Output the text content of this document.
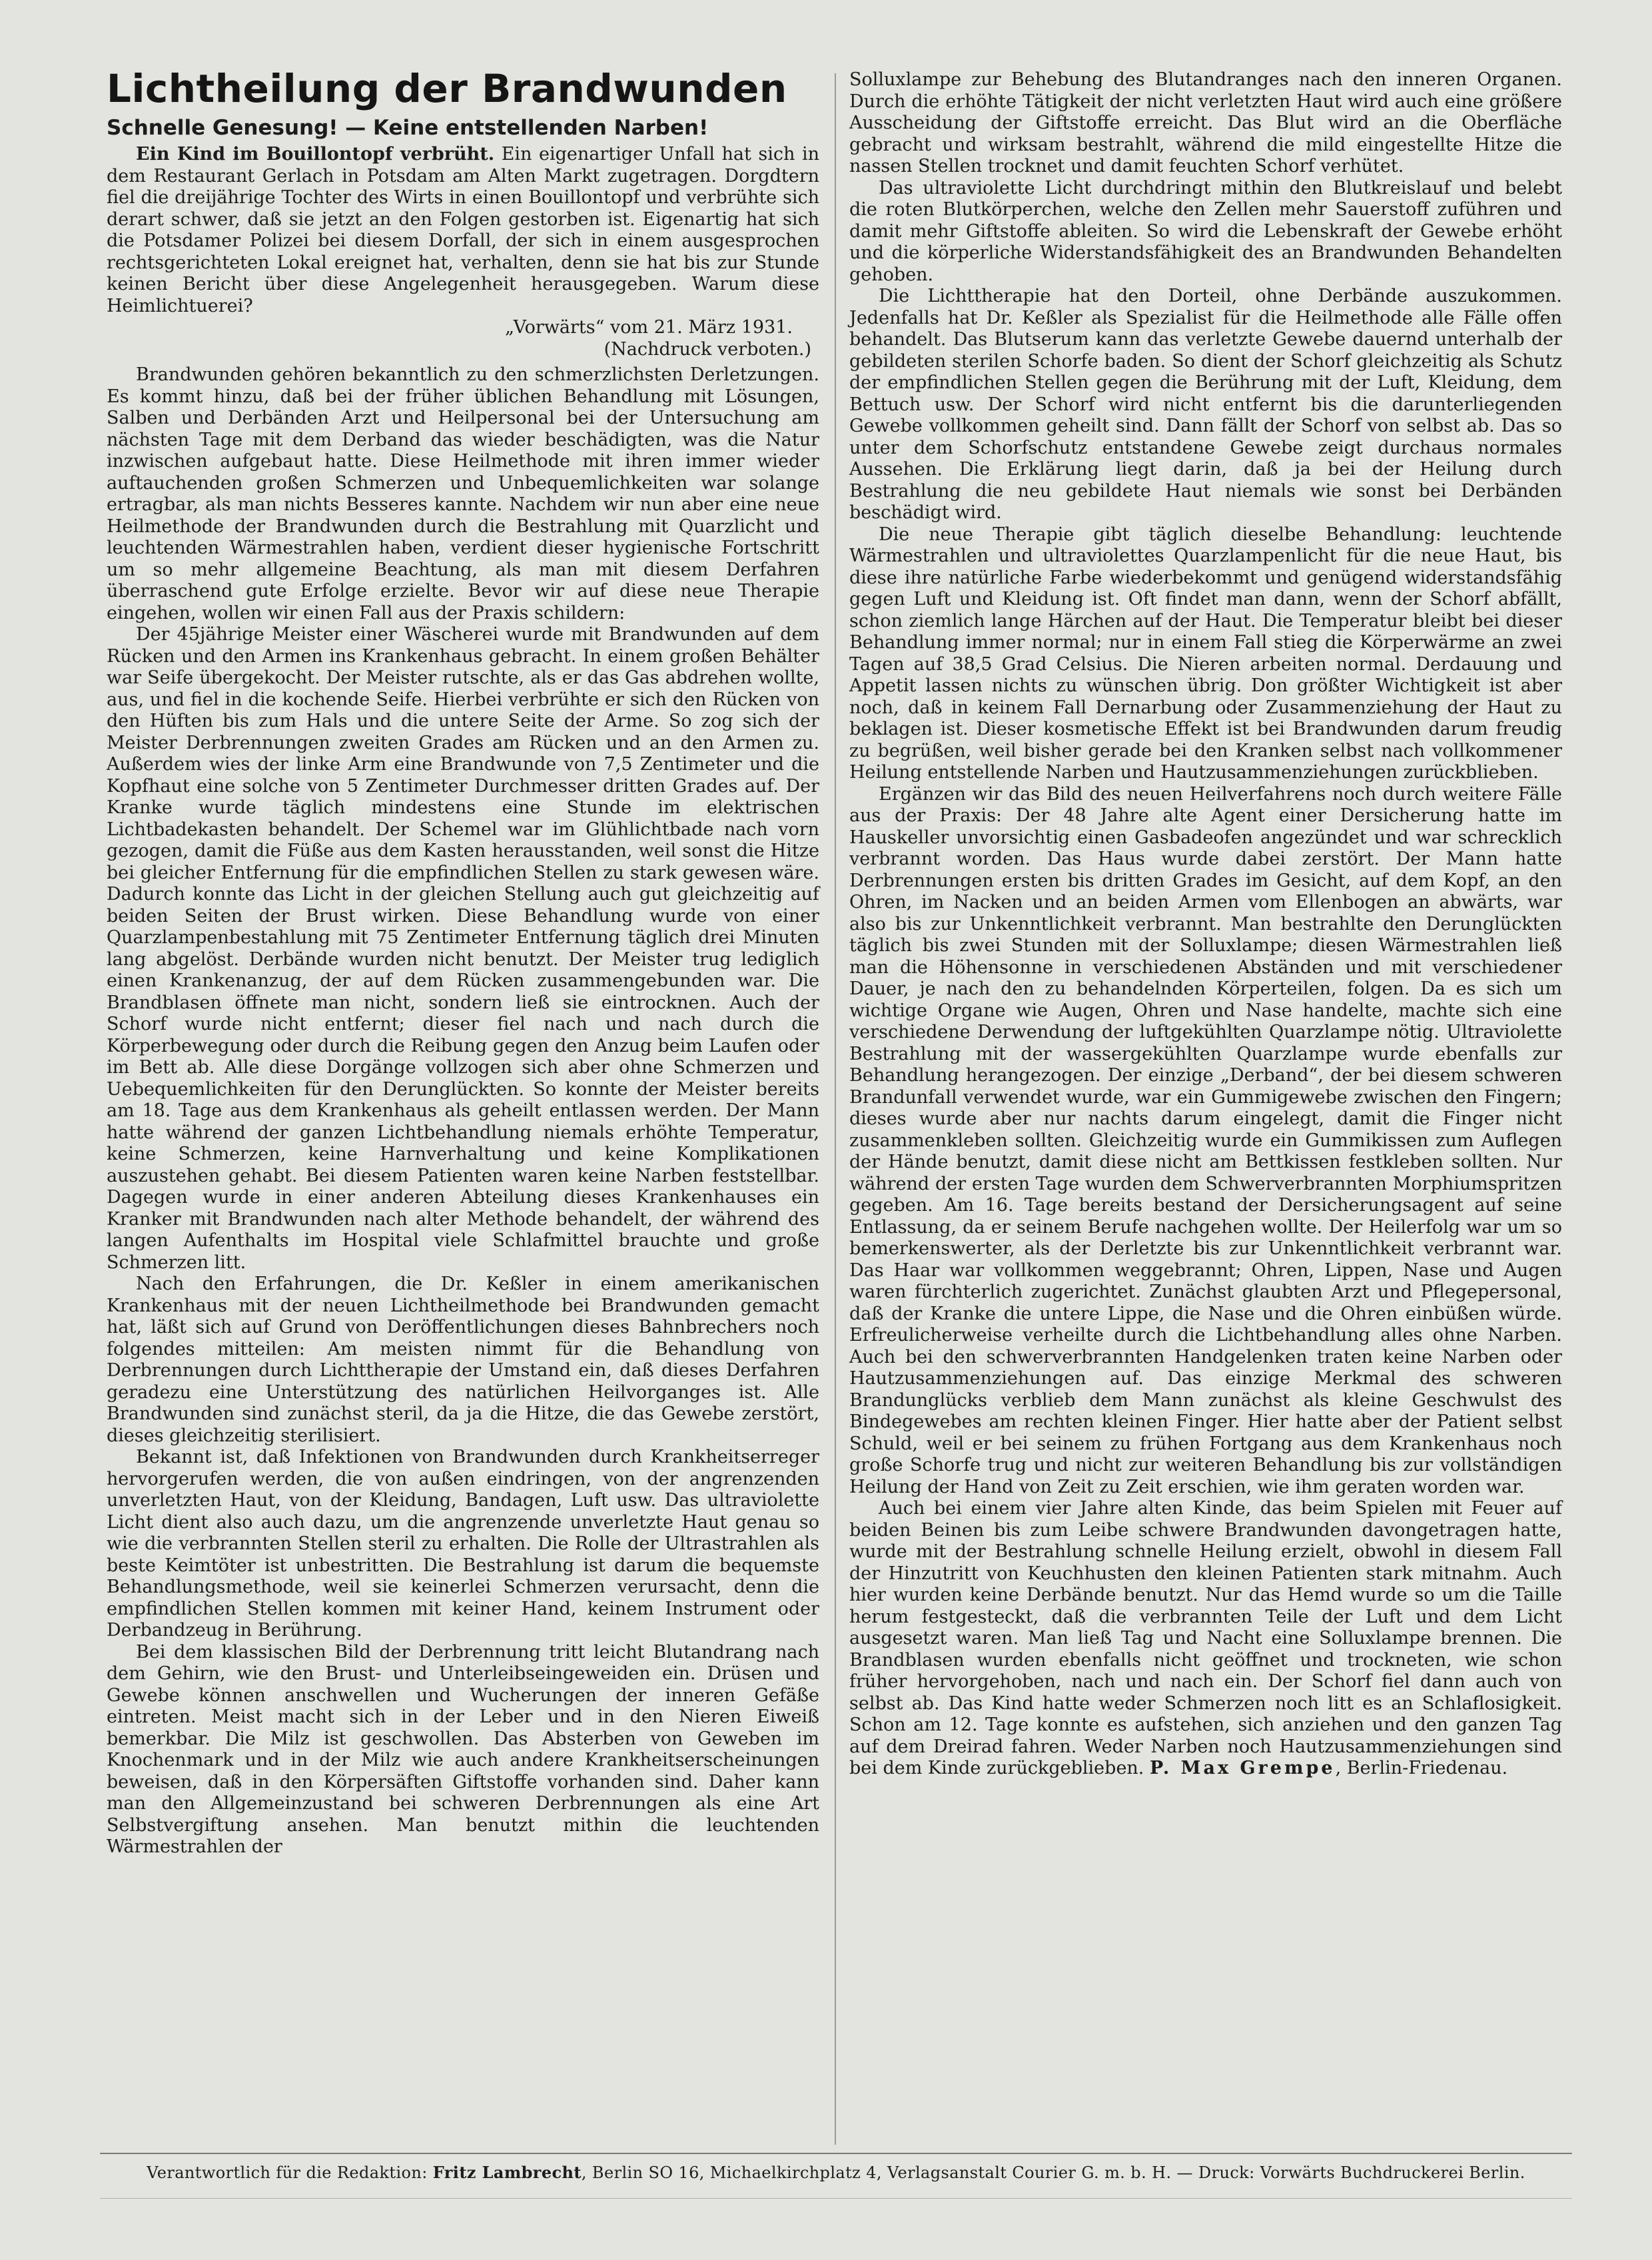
Lichtheilung der Brandwunden
Schnelle Genesung! — Keine entstellenden Narben!

Ein Kind im Bouillontopf verbrüht. Ein eigenartiger Unfall hat sich in dem Restaurant Gerlach in Potsdam am Alten Markt zugetragen. Dorgdtern fiel die dreijährige Tochter des Wirts in einen Bouillontopf und verbrühte sich derart schwer, daß sie jetzt an den Folgen gestorben ist. Eigenartig hat sich die Potsdamer Polizei bei diesem Dorfall, der sich in einem ausgesprochen rechtsgerichteten Lokal ereignet hat, verhalten, denn sie hat bis zur Stunde keinen Bericht über diese Angelegenheit herausgegeben. Warum diese Heimlichtuerei?

„Vorwärts“ vom 21. März 1931.

(Nachdruck verboten.)

Brandwunden gehören bekanntlich zu den schmerzlichsten Derletzungen. Es kommt hinzu, daß bei der früher üblichen Behandlung mit Lösungen, Salben und Derbänden Arzt und Heilpersonal bei der Untersuchung am nächsten Tage mit dem Derband das wieder beschädigten, was die Natur inzwischen aufgebaut hatte. Diese Heilmethode mit ihren immer wieder auftauchenden großen Schmerzen und Unbequemlichkeiten war solange ertragbar, als man nichts Besseres kannte. Nachdem wir nun aber eine neue Heilmethode der Brandwunden durch die Bestrahlung mit Quarzlicht und leuchtenden Wärmestrahlen haben, verdient dieser hygienische Fortschritt um so mehr allgemeine Beachtung, als man mit diesem Derfahren überraschend gute Erfolge erzielte. Bevor wir auf diese neue Therapie eingehen, wollen wir einen Fall aus der Praxis schildern:

Der 45jährige Meister einer Wäscherei wurde mit Brandwunden auf dem Rücken und den Armen ins Krankenhaus gebracht. In einem großen Behälter war Seife übergekocht. Der Meister rutschte, als er das Gas abdrehen wollte, aus, und fiel in die kochende Seife. Hierbei verbrühte er sich den Rücken von den Hüften bis zum Hals und die untere Seite der Arme. So zog sich der Meister Derbrennungen zweiten Grades am Rücken und an den Armen zu. Außerdem wies der linke Arm eine Brandwunde von 7,5 Zentimeter und die Kopfhaut eine solche von 5 Zentimeter Durchmesser dritten Grades auf. Der Kranke wurde täglich mindestens eine Stunde im elektrischen Lichtbadekasten behandelt. Der Schemel war im Glühlichtbade nach vorn gezogen, damit die Füße aus dem Kasten herausstanden, weil sonst die Hitze bei gleicher Entfernung für die empfindlichen Stellen zu stark gewesen wäre. Dadurch konnte das Licht in der gleichen Stellung auch gut gleichzeitig auf beiden Seiten der Brust wirken. Diese Behandlung wurde von einer Quarzlampenbestahlung mit 75 Zentimeter Entfernung täglich drei Minuten lang abgelöst. Derbände wurden nicht benutzt. Der Meister trug lediglich einen Krankenanzug, der auf dem Rücken zusammengebunden war. Die Brandblasen öffnete man nicht, sondern ließ sie eintrocknen. Auch der Schorf wurde nicht entfernt; dieser fiel nach und nach durch die Körperbewegung oder durch die Reibung gegen den Anzug beim Laufen oder im Bett ab. Alle diese Dorgänge vollzogen sich aber ohne Schmerzen und Uebequemlichkeiten für den Derunglückten. So konnte der Meister bereits am 18. Tage aus dem Krankenhaus als geheilt entlassen werden. Der Mann hatte während der ganzen Lichtbehandlung niemals erhöhte Temperatur, keine Schmerzen, keine Harnverhaltung und keine Komplikationen auszustehen gehabt. Bei diesem Patienten waren keine Narben feststellbar. Dagegen wurde in einer anderen Abteilung dieses Krankenhauses ein Kranker mit Brandwunden nach alter Methode behandelt, der während des langen Aufenthalts im Hospital viele Schlafmittel brauchte und große Schmerzen litt.

Nach den Erfahrungen, die Dr. Keßler in einem amerikanischen Krankenhaus mit der neuen Lichtheilmethode bei Brandwunden gemacht hat, läßt sich auf Grund von Deröffentlichungen dieses Bahnbrechers noch folgendes mitteilen: Am meisten nimmt für die Behandlung von Derbrennungen durch Lichttherapie der Umstand ein, daß dieses Derfahren geradezu eine Unterstützung des natürlichen Heilvorganges ist. Alle Brandwunden sind zunächst steril, da ja die Hitze, die das Gewebe zerstört, dieses gleichzeitig sterilisiert.

Bekannt ist, daß Infektionen von Brandwunden durch Krankheitserreger hervorgerufen werden, die von außen eindringen, von der angrenzenden unverletzten Haut, von der Kleidung, Bandagen, Luft usw. Das ultraviolette Licht dient also auch dazu, um die angrenzende unverletzte Haut genau so wie die verbrannten Stellen steril zu erhalten. Die Rolle der Ultrastrahlen als beste Keimtöter ist unbestritten. Die Bestrahlung ist darum die bequemste Behandlungsmethode, weil sie keinerlei Schmerzen verursacht, denn die empfindlichen Stellen kommen mit keiner Hand, keinem Instrument oder Derbandzeug in Berührung.

Bei dem klassischen Bild der Derbrennung tritt leicht Blutandrang nach dem Gehirn, wie den Brust- und Unterleibseingeweiden ein. Drüsen und Gewebe können anschwellen und Wucherungen der inneren Gefäße eintreten. Meist macht sich in der Leber und in den Nieren Eiweiß bemerkbar. Die Milz ist geschwollen. Das Absterben von Geweben im Knochenmark und in der Milz wie auch andere Krankheitserscheinungen beweisen, daß in den Körpersäften Giftstoffe vorhanden sind. Daher kann man den Allgemeinzustand bei schweren Derbrennungen als eine Art Selbstvergiftung ansehen. Man benutzt mithin die leuchtenden Wärmestrahlen der

Solluxlampe zur Behebung des Blutandranges nach den inneren Organen. Durch die erhöhte Tätigkeit der nicht verletzten Haut wird auch eine größere Ausscheidung der Giftstoffe erreicht. Das Blut wird an die Oberfläche gebracht und wirksam bestrahlt, während die mild eingestellte Hitze die nassen Stellen trocknet und damit feuchten Schorf verhütet.

Das ultraviolette Licht durchdringt mithin den Blutkreislauf und belebt die roten Blutkörperchen, welche den Zellen mehr Sauerstoff zuführen und damit mehr Giftstoffe ableiten. So wird die Lebenskraft der Gewebe erhöht und die körperliche Widerstandsfähigkeit des an Brandwunden Behandelten gehoben.

Die Lichttherapie hat den Dorteil, ohne Derbände auszukommen. Jedenfalls hat Dr. Keßler als Spezialist für die Heilmethode alle Fälle offen behandelt. Das Blutserum kann das verletzte Gewebe dauernd unterhalb der gebildeten sterilen Schorfe baden. So dient der Schorf gleichzeitig als Schutz der empfindlichen Stellen gegen die Berührung mit der Luft, Kleidung, dem Bettuch usw. Der Schorf wird nicht entfernt bis die darunterliegenden Gewebe vollkommen geheilt sind. Dann fällt der Schorf von selbst ab. Das so unter dem Schorfschutz entstandene Gewebe zeigt durchaus normales Aussehen. Die Erklärung liegt darin, daß ja bei der Heilung durch Bestrahlung die neu gebildete Haut niemals wie sonst bei Derbänden beschädigt wird.

Die neue Therapie gibt täglich dieselbe Behandlung: leuchtende Wärmestrahlen und ultraviolettes Quarzlampenlicht für die neue Haut, bis diese ihre natürliche Farbe wiederbekommt und genügend widerstandsfähig gegen Luft und Kleidung ist. Oft findet man dann, wenn der Schorf abfällt, schon ziemlich lange Härchen auf der Haut. Die Temperatur bleibt bei dieser Behandlung immer normal; nur in einem Fall stieg die Körperwärme an zwei Tagen auf 38,5 Grad Celsius. Die Nieren arbeiten normal. Derdauung und Appetit lassen nichts zu wünschen übrig. Don größter Wichtigkeit ist aber noch, daß in keinem Fall Dernarbung oder Zusammenziehung der Haut zu beklagen ist. Dieser kosmetische Effekt ist bei Brandwunden darum freudig zu begrüßen, weil bisher gerade bei den Kranken selbst nach vollkommener Heilung entstellende Narben und Hautzusammenziehungen zurückblieben.

Ergänzen wir das Bild des neuen Heilverfahrens noch durch weitere Fälle aus der Praxis: Der 48 Jahre alte Agent einer Dersicherung hatte im Hauskeller unvorsichtig einen Gasbadeofen angezündet und war schrecklich verbrannt worden. Das Haus wurde dabei zerstört. Der Mann hatte Derbrennungen ersten bis dritten Grades im Gesicht, auf dem Kopf, an den Ohren, im Nacken und an beiden Armen vom Ellenbogen an abwärts, war also bis zur Unkenntlichkeit verbrannt. Man bestrahlte den Derunglückten täglich bis zwei Stunden mit der Solluxlampe; diesen Wärmestrahlen ließ man die Höhensonne in verschiedenen Abständen und mit verschiedener Dauer, je nach den zu behandelnden Körperteilen, folgen. Da es sich um wichtige Organe wie Augen, Ohren und Nase handelte, machte sich eine verschiedene Derwendung der luftgekühlten Quarzlampe nötig. Ultraviolette Bestrahlung mit der wassergekühlten Quarzlampe wurde ebenfalls zur Behandlung herangezogen. Der einzige „Derband“, der bei diesem schweren Brandunfall verwendet wurde, war ein Gummigewebe zwischen den Fingern; dieses wurde aber nur nachts darum eingelegt, damit die Finger nicht zusammenkleben sollten. Gleichzeitig wurde ein Gummikissen zum Auflegen der Hände benutzt, damit diese nicht am Bettkissen festkleben sollten. Nur während der ersten Tage wurden dem Schwerverbrannten Morphiumspritzen gegeben. Am 16. Tage bereits bestand der Dersicherungsagent auf seine Entlassung, da er seinem Berufe nachgehen wollte. Der Heilerfolg war um so bemerkenswerter, als der Derletzte bis zur Unkenntlichkeit verbrannt war. Das Haar war vollkommen weggebrannt; Ohren, Lippen, Nase und Augen waren fürchterlich zugerichtet. Zunächst glaubten Arzt und Pflegepersonal, daß der Kranke die untere Lippe, die Nase und die Ohren einbüßen würde. Erfreulicherweise verheilte durch die Lichtbehandlung alles ohne Narben. Auch bei den schwerverbrannten Handgelenken traten keine Narben oder Hautzusammenziehungen auf. Das einzige Merkmal des schweren Brandunglücks verblieb dem Mann zunächst als kleine Geschwulst des Bindegewebes am rechten kleinen Finger. Hier hatte aber der Patient selbst Schuld, weil er bei seinem zu frühen Fortgang aus dem Krankenhaus noch große Schorfe trug und nicht zur weiteren Behandlung bis zur vollständigen Heilung der Hand von Zeit zu Zeit erschien, wie ihm geraten worden war.

Auch bei einem vier Jahre alten Kinde, das beim Spielen mit Feuer auf beiden Beinen bis zum Leibe schwere Brandwunden davongetragen hatte, wurde mit der Bestrahlung schnelle Heilung erzielt, obwohl in diesem Fall der Hinzutritt von Keuchhusten den kleinen Patienten stark mitnahm. Auch hier wurden keine Derbände benutzt. Nur das Hemd wurde so um die Taille herum festgesteckt, daß die verbrannten Teile der Luft und dem Licht ausgesetzt waren. Man ließ Tag und Nacht eine Solluxlampe brennen. Die Brandblasen wurden ebenfalls nicht geöffnet und trockneten, wie schon früher hervorgehoben, nach und nach ein. Der Schorf fiel dann auch von selbst ab. Das Kind hatte weder Schmerzen noch litt es an Schlaflosigkeit. Schon am 12. Tage konnte es aufstehen, sich anziehen und den ganzen Tag auf dem Dreirad fahren. Weder Narben noch Hautzusammenziehungen sind bei dem Kinde zurückgeblieben. P. Max Grempe, Berlin-Friedenau.

Verantwortlich für die Redaktion: Fritz Lambrecht, Berlin SO 16, Michaelkirchplatz 4, Verlagsanstalt Courier G. m. b. H. — Druck: Vorwärts Buchdruckerei Berlin.
